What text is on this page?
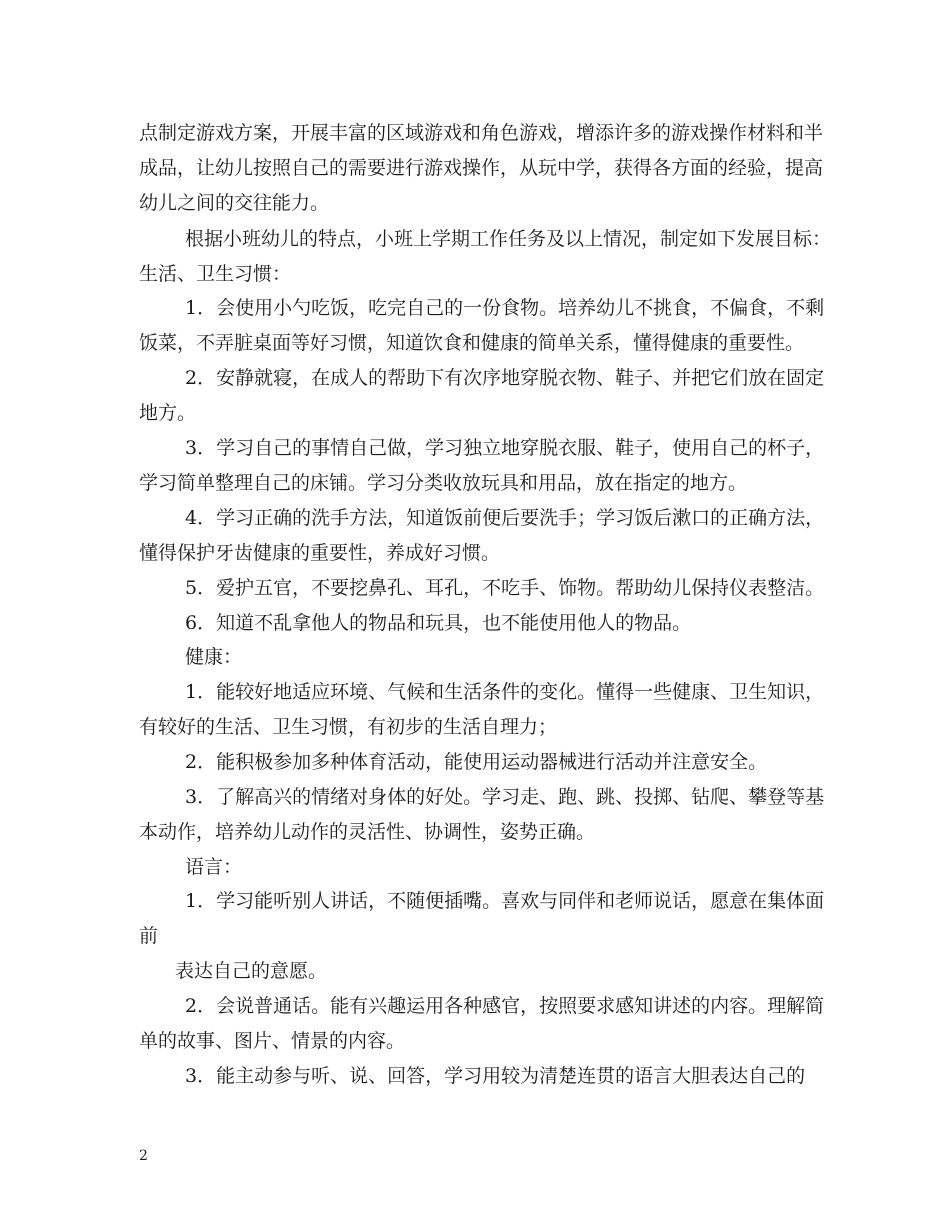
点制定游戏方案，开展丰富的区域游戏和角色游戏，增添许多的游戏操作材料和半
成品，让幼儿按照自己的需要进行游戏操作，从玩中学，获得各方面的经验，提高
幼儿之间的交往能力。
根据小班幼儿的特点，小班上学期工作任务及以上情况，制定如下发展目标：
生活、卫生习惯：
1．会使用小勺吃饭，吃完自己的一份食物。培养幼儿不挑食，不偏食，不剩
饭菜，不弄脏桌面等好习惯，知道饮食和健康的简单关系，懂得健康的重要性。
2．安静就寝，在成人的帮助下有次序地穿脱衣物、鞋子、并把它们放在固定
地方。
3．学习自己的事情自己做，学习独立地穿脱衣服、鞋子，使用自己的杯子，
学习简单整理自己的床铺。学习分类收放玩具和用品，放在指定的地方。
4．学习正确的洗手方法，知道饭前便后要洗手；学习饭后漱口的正确方法，
懂得保护牙齿健康的重要性，养成好习惯。
5．爱护五官，不要挖鼻孔、耳孔，不吃手、饰物。帮助幼儿保持仪表整洁。
6．知道不乱拿他人的物品和玩具，也不能使用他人的物品。
健康：
1．能较好地适应环境、气候和生活条件的变化。懂得一些健康、卫生知识，
有较好的生活、卫生习惯，有初步的生活自理力；
2．能积极参加多种体育活动，能使用运动器械进行活动并注意安全。
3．了解高兴的情绪对身体的好处。学习走、跑、跳、投掷、钻爬、攀登等基
本动作，培养幼儿动作的灵活性、协调性，姿势正确。
语言：
1．学习能听别人讲话，不随便插嘴。喜欢与同伴和老师说话，愿意在集体面
前
表达自己的意愿。
2．会说普通话。能有兴趣运用各种感官，按照要求感知讲述的内容。理解简
单的故事、图片、情景的内容。
3．能主动参与听、说、回答，学习用较为清楚连贯的语言大胆表达自己的
2
